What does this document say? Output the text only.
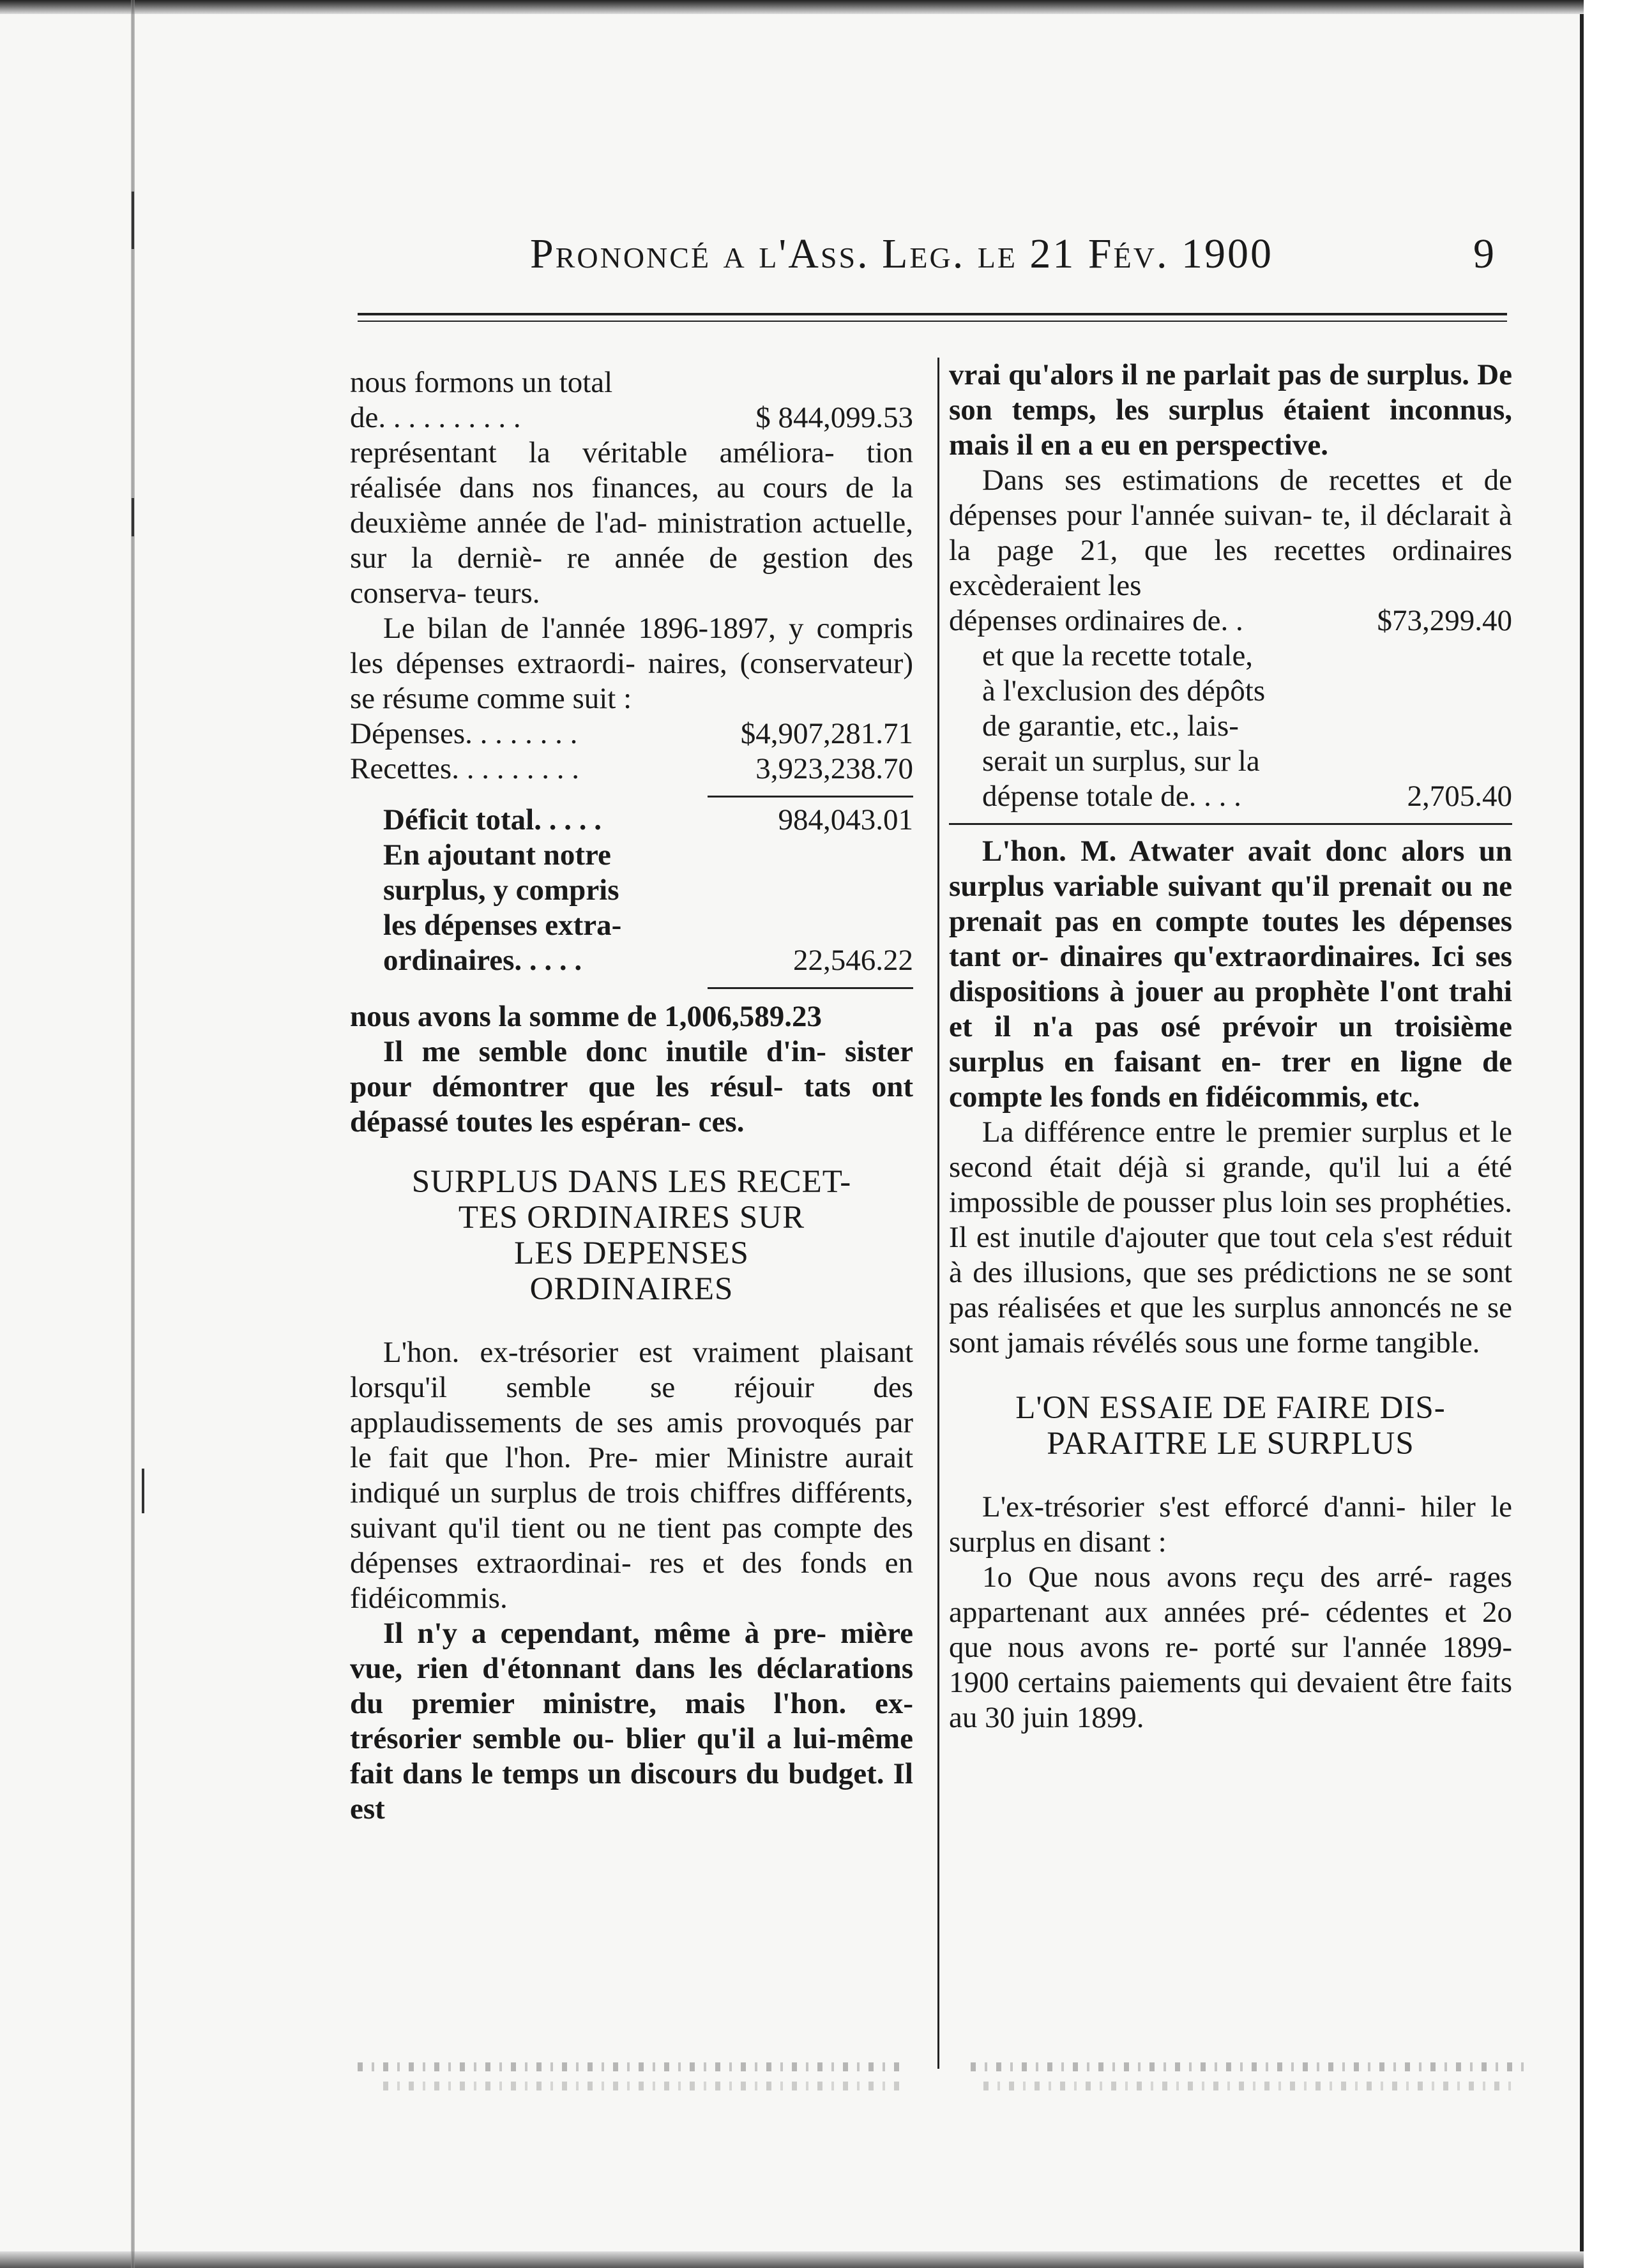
Prononcé a l'Ass. Leg. le 21 Fév. 1900	9

nous formons un total

de. . . . . . . . . .	$ 844,099.53

représentant la véritable améliora- tion réalisée dans nos finances, au cours de la deuxième année de l'ad- ministration actuelle, sur la derniè- re année de gestion des conserva- teurs.

Le bilan de l'année 1896-1897, y compris les dépenses extraordi- naires, (conservateur) se résume comme suit :

Dépenses. . . . . . . .	$4,907,281.71
Recettes. . . . . . . . .	3,923,238.70
Déficit total. . . . .	984,043.01

En ajoutant notre

surplus, y compris

les dépenses extra-

ordinaires. . . . .	22,546.22

nous avons la somme de 1,006,589.23

Il me semble donc inutile d'in- sister pour démontrer que les résul- tats ont dépassé toutes les espéran- ces.

SURPLUS DANS LES RECET-

TES ORDINAIRES SUR

LES DEPENSES

ORDINAIRES

L'hon. ex-trésorier est vraiment plaisant lorsqu'il semble se réjouir des applaudissements de ses amis provoqués par le fait que l'hon. Pre- mier Ministre aurait indiqué un surplus de trois chiffres différents, suivant qu'il tient ou ne tient pas compte des dépenses extraordinai- res et des fonds en fidéicommis.

Il n'y a cependant, même à pre- mière vue, rien d'étonnant dans les déclarations du premier ministre, mais l'hon. ex-trésorier semble ou- blier qu'il a lui-même fait dans le temps un discours du budget. Il est

vrai qu'alors il ne parlait pas de surplus. De son temps, les surplus étaient inconnus, mais il en a eu en perspective.

Dans ses estimations de recettes et de dépenses pour l'année suivan- te, il déclarait à la page 21, que les recettes ordinaires excèderaient les

dépenses ordinaires de. .	$73,299.40

et que la recette totale,

à l'exclusion des dépôts

de garantie, etc., lais-

serait un surplus, sur la

dépense totale de. . . .	2,705.40

L'hon. M. Atwater avait donc alors un surplus variable suivant qu'il prenait ou ne prenait pas en compte toutes les dépenses tant or- dinaires qu'extraordinaires. Ici ses dispositions à jouer au prophète l'ont trahi et il n'a pas osé prévoir un troisième surplus en faisant en- trer en ligne de compte les fonds en fidéicommis, etc.

La différence entre le premier surplus et le second était déjà si grande, qu'il lui a été impossible de pousser plus loin ses prophéties. Il est inutile d'ajouter que tout cela s'est réduit à des illusions, que ses prédictions ne se sont pas réalisées et que les surplus annoncés ne se sont jamais révélés sous une forme tangible.

L'ON ESSAIE DE FAIRE DIS-

PARAITRE LE SURPLUS

L'ex-trésorier s'est efforcé d'anni- hiler le surplus en disant :

1o Que nous avons reçu des arré- rages appartenant aux années pré- cédentes et 2o que nous avons re- porté sur l'année 1899-1900 certains paiements qui devaient être faits au 30 juin 1899.
